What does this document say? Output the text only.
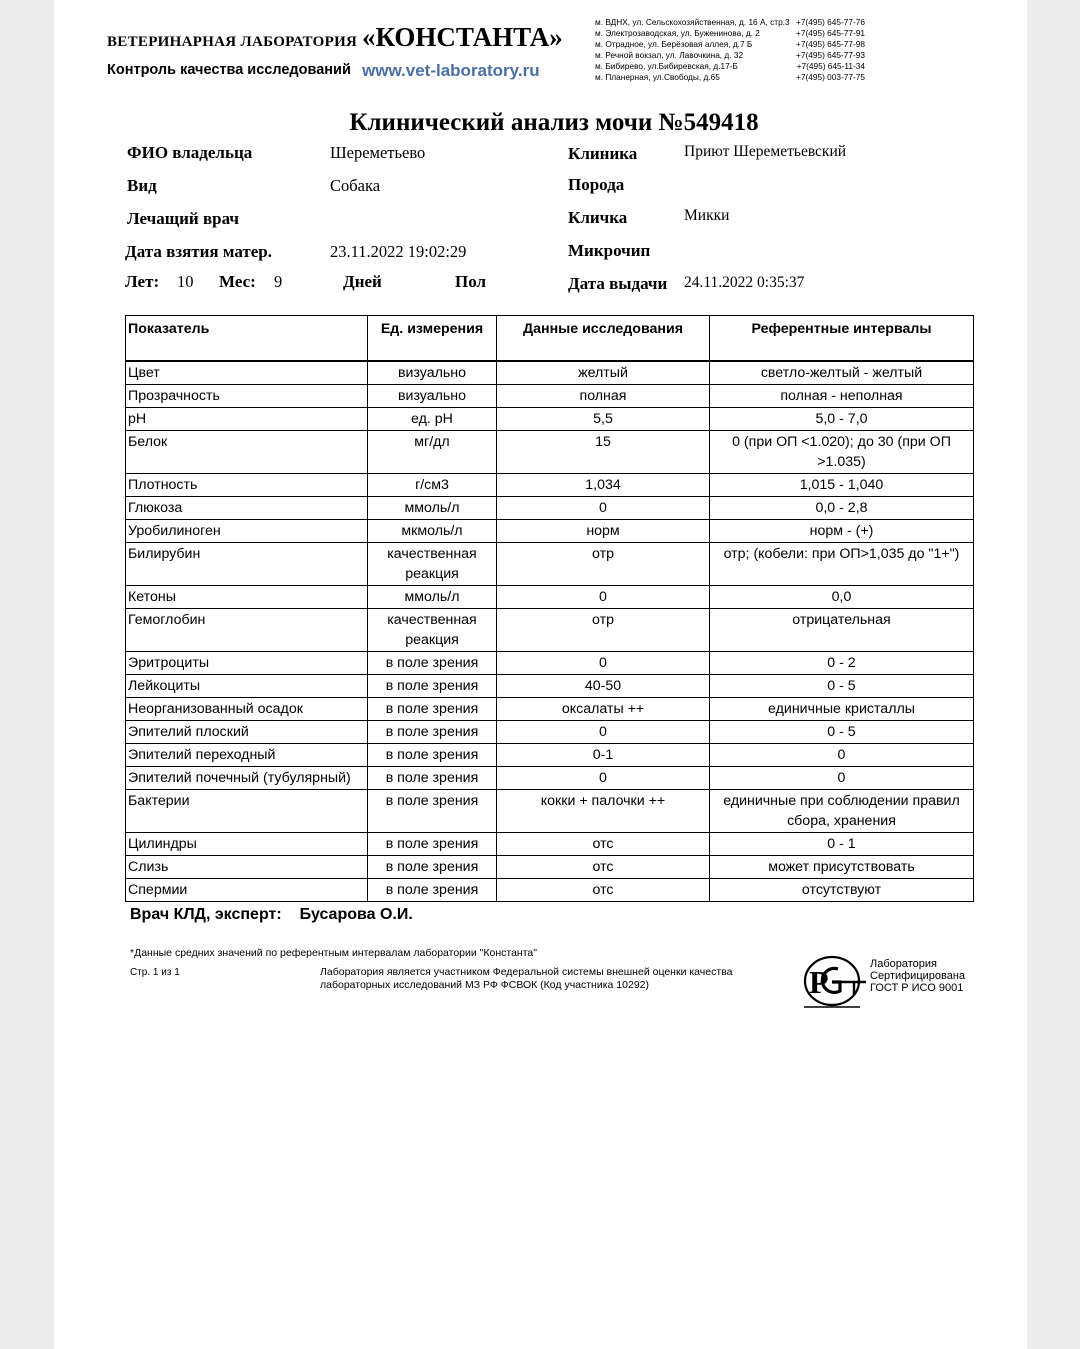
ВЕТЕРИНАРНАЯ ЛАБОРАТОРИЯ «КОНСТАНТА»
Контроль качества исследований www.vet-laboratory.ru
м. ВДНХ, ул. Сельскохозяйственная, д. 16 А, стр.3 +7(495) 645-77-76
м. Электрозаводская, ул. Буженинова, д. 2	+7(495) 645-77-91
м. Отрадное, ул. Берёзовая аллея, д.7 Б	+7(495) 645-77-98
м. Речной вокзал, ул. Лавочкина, д. 32	+7(495) 645-77-93
м. Бибирево, ул.Бибиревская, д.17-Б	+7(495) 645-11-34
м. Планерная, ул.Свободы, д.65	+7(495) 003-77-75
Клинический анализ мочи №549418
ФИО владельца	Шереметьево
Вид	Собака
Лечащий врач
Дата взятия матер.	23.11.2022 19:02:29
Лет: 10 Мес: 9	Дней	Пол
Клиника	Приют Шереметьевский
Порода
Кличка	Микки
Микрочип
Дата выдачи 24.11.2022 0:35:37
Показатель	Ед. измерения	Данные исследования	Референтные интервалы
Цвет	визуально	желтый	светло-желтый - желтый
Прозрачность	визуально	полная	полная - неполная
pH	ед. pH	5,5	5,0 - 7,0
Белок	мг/дл	15	0 (при ОП <1.020); до 30 (при ОП >1.035)
Плотность	г/см3	1,034	1,015 - 1,040
Глюкоза	ммоль/л	0	0,0 - 2,8
Уробилиноген	мкмоль/л	норм	норм - (+)
Билирубин	качественная реакция	отр	отр; (кобели: при ОП>1,035 до "1+")
Кетоны	ммоль/л	0	0,0
Гемоглобин	качественная реакция	отр	отрицательная
Эритроциты	в поле зрения	0	0 - 2
Лейкоциты	в поле зрения	40-50	0 - 5
Неорганизованный осадок	в поле зрения	оксалаты ++	единичные кристаллы
Эпителий плоский	в поле зрения	0	0 - 5
Эпителий переходный	в поле зрения	0-1	0
Эпителий почечный (тубулярный)	в поле зрения	0	0
Бактерии	в поле зрения	кокки + палочки ++	единичные при соблюдении правил сбора, хранения
Цилиндры	в поле зрения	отс	0 - 1
Слизь	в поле зрения	отс	может присутствовать
Спермии	в поле зрения	отс	отсутствуют
Врач КЛД, эксперт: Бусарова О.И.
*Данные средних значений по референтным интервалам лаборатории "Константа"
Стр. 1 из 1	Лаборатория является участником Федеральной системы внешней оценки качества лабораторных исследований МЗ РФ ФСВОК (Код участника 10292)	P	Лаборатория
Сертифицирована
ГОСТ Р ИСО 9001
